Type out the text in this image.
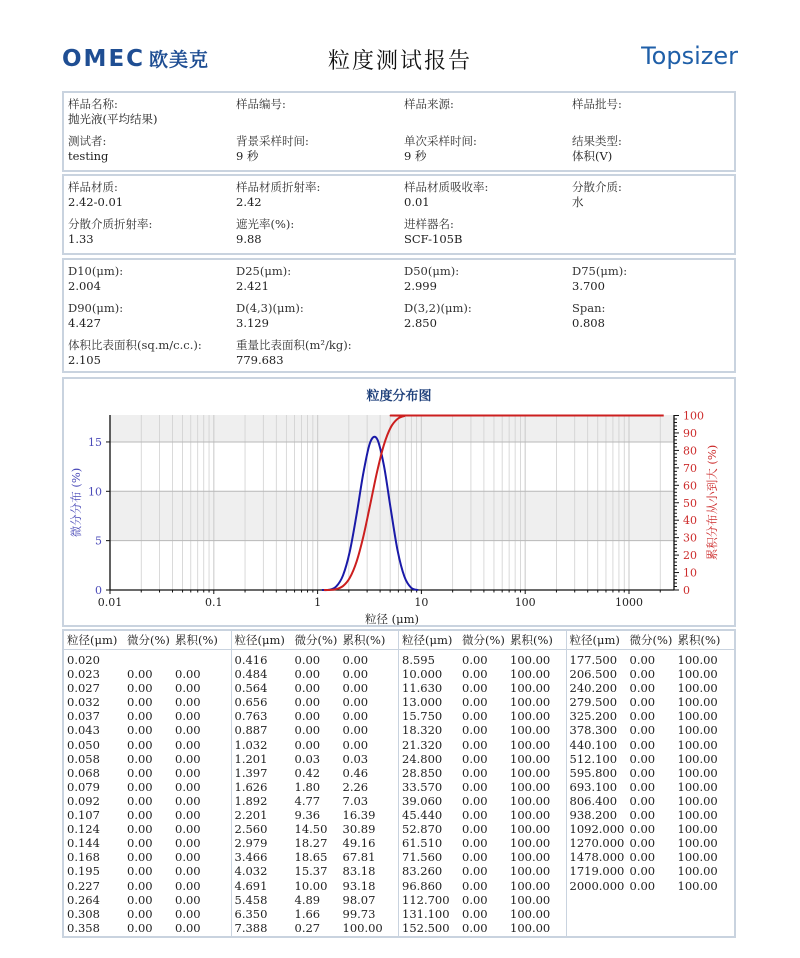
OMEC 欧美克	粒度测试报告	Topsizer
样品名称:
抛光液(平均结果)
样品编号:	样品来源:	样品批号:
测试者:
testing
背景采样时间:
9 秒
单次采样时间:
9 秒
结果类型:
体积(V)
样品材质:
2.42-0.01
样品材质折射率:
2.42
样品材质吸收率:
0.01
分散介质:
水
分散介质折射率:
1.33
遮光率(%):
9.88
进样器名:
SCF-105B
D10(μm):
2.004
D25(μm):
2.421
D50(μm):
2.999
D75(μm):
3.700
D90(μm):
4.427
D(4,3)(μm):
3.129
D(3,2)(μm):
2.850
Span:
0.808
体积比表面积(sq.m/c.c.):
2.105
重量比表面积(m²/kg):
779.683
粒度分布图
0.01	0.1	1	10	100	1000
0
5
10
15
0
10
20
30
40
50
60
70
80
90
100
粒径 (μm)
微分分布 (%)	累积分布从小到大 (%)
粒径(μm) 微分(%) 累积(%)
0.020
0.023	0.00	0.00
0.027	0.00	0.00
0.032	0.00	0.00
0.037	0.00	0.00
0.043	0.00	0.00
0.050	0.00	0.00
0.058	0.00	0.00
0.068	0.00	0.00
0.079	0.00	0.00
0.092	0.00	0.00
0.107	0.00	0.00
0.124	0.00	0.00
0.144	0.00	0.00
0.168	0.00	0.00
0.195	0.00	0.00
0.227	0.00	0.00
0.264	0.00	0.00
0.308	0.00	0.00
0.358	0.00	0.00
粒径(μm) 微分(%) 累积(%)
0.416	0.00	0.00
0.484	0.00	0.00
0.564	0.00	0.00
0.656	0.00	0.00
0.763	0.00	0.00
0.887	0.00	0.00
1.032	0.00	0.00
1.201	0.03	0.03
1.397	0.42	0.46
1.626	1.80	2.26
1.892	4.77	7.03
2.201	9.36	16.39
2.560	14.50	30.89
2.979	18.27	49.16
3.466	18.65	67.81
4.032	15.37	83.18
4.691	10.00	93.18
5.458	4.89	98.07
6.350	1.66	99.73
7.388	0.27	100.00
粒径(μm) 微分(%) 累积(%)
8.595	0.00	100.00
10.000	0.00	100.00
11.630	0.00	100.00
13.000	0.00	100.00
15.750	0.00	100.00
18.320	0.00	100.00
21.320	0.00	100.00
24.800	0.00	100.00
28.850	0.00	100.00
33.570	0.00	100.00
39.060	0.00	100.00
45.440	0.00	100.00
52.870	0.00	100.00
61.510	0.00	100.00
71.560	0.00	100.00
83.260	0.00	100.00
96.860	0.00	100.00
112.700	0.00	100.00
131.100	0.00	100.00
152.500	0.00	100.00
粒径(μm) 微分(%) 累积(%)
177.500	0.00	100.00
206.500	0.00	100.00
240.200	0.00	100.00
279.500	0.00	100.00
325.200	0.00	100.00
378.300	0.00	100.00
440.100	0.00	100.00
512.100	0.00	100.00
595.800	0.00	100.00
693.100	0.00	100.00
806.400	0.00	100.00
938.200	0.00	100.00
1092.000 0.00	100.00
1270.000 0.00	100.00
1478.000 0.00	100.00
1719.000 0.00	100.00
2000.000 0.00	100.00
